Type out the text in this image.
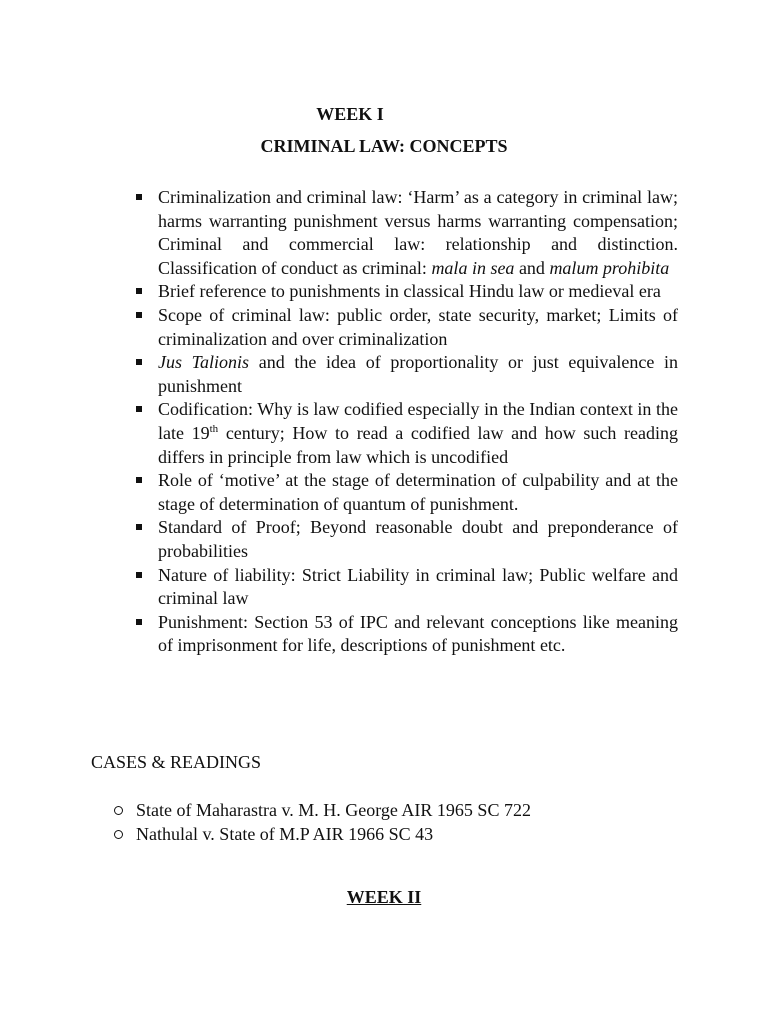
WEEK I
CRIMINAL LAW: CONCEPTS
Criminalization and criminal law: ‘Harm’ as a category in criminal law; harms warranting punishment versus harms warranting compensation; Criminal and commercial law: relationship and distinction. Classification of conduct as criminal: mala in sea and malum prohibita
Brief reference to punishments in classical Hindu law or medieval era
Scope of criminal law: public order, state security, market; Limits of criminalization and over criminalization
Jus Talionis and the idea of proportionality or just equivalence in punishment
Codification: Why is law codified especially in the Indian context in the late 19th century; How to read a codified law and how such reading differs in principle from law which is uncodified
Role of ‘motive’ at the stage of determination of culpability and at the stage of determination of quantum of punishment.
Standard of Proof; Beyond reasonable doubt and preponderance of probabilities
Nature of liability: Strict Liability in criminal law; Public welfare and criminal law
Punishment: Section 53 of IPC and relevant conceptions like meaning of imprisonment for life, descriptions of punishment etc.
CASES & READINGS
State of Maharastra v. M. H. George AIR 1965 SC 722
Nathulal v. State of M.P AIR 1966 SC 43
WEEK II
